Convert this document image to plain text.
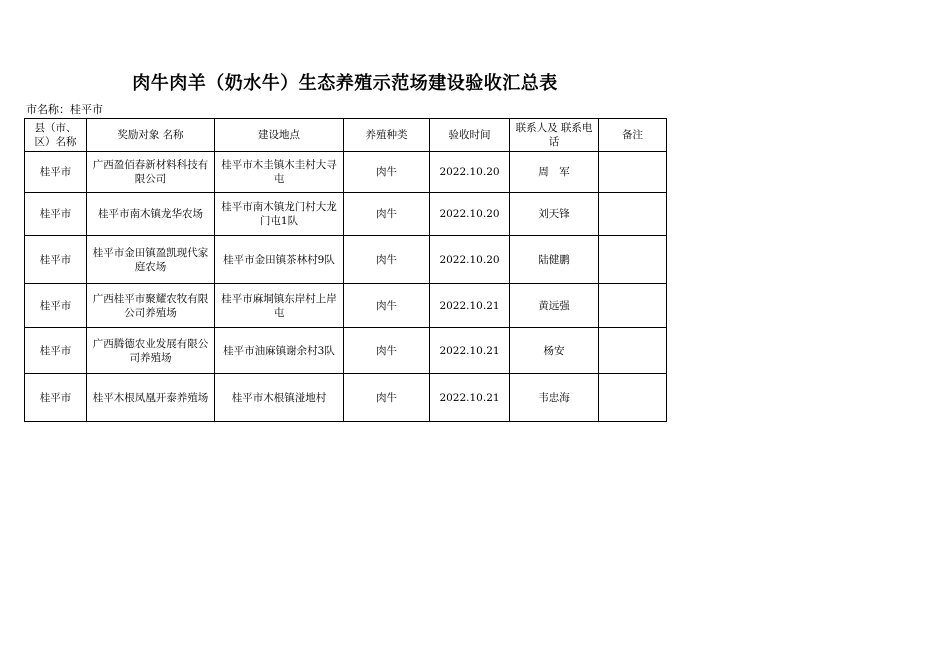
肉牛肉羊（奶水牛）生态养殖示范场建设验收汇总表
市名称：桂平市
县（市、区）名称	奖励对象 名称	建设地点	养殖种类	验收时间	联系人及 联系电话	备注
桂平市	广西盈佰春新材料科技有限公司	桂平市木圭镇木圭村大寻屯	肉牛	2022.10.20	周　军	
桂平市	桂平市南木镇龙华农场	桂平市南木镇龙门村大龙门屯1队	肉牛	2022.10.20	刘天锋	
桂平市	桂平市金田镇盈凯现代家庭农场	桂平市金田镇茶林村9队	肉牛	2022.10.20	陆健鹏	
桂平市	广西桂平市聚耀农牧有限公司养殖场	桂平市麻垌镇东岸村上岸屯	肉牛	2022.10.21	黄远强	
桂平市	广西腾德农业发展有限公司养殖场	桂平市油麻镇谢余村3队	肉牛	2022.10.21	杨安	
桂平市	桂平木根凤凰开泰养殖场	桂平市木根镇湴地村	肉牛	2022.10.21	韦忠海	
